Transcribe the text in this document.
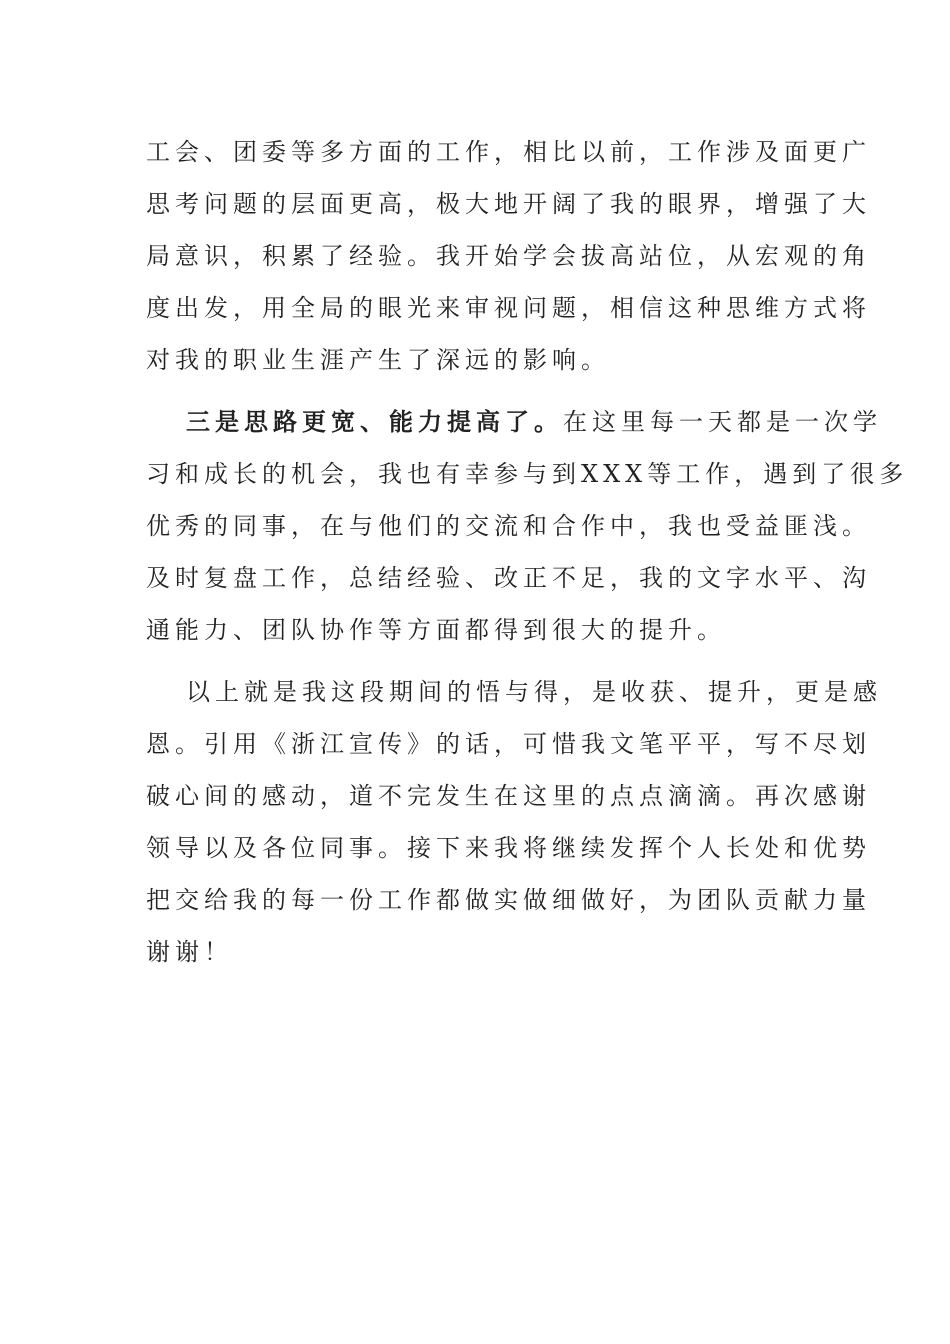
工会、团委等多方面的工作，相比以前，工作涉及面更广
思考问题的层面更高，极大地开阔了我的眼界，增强了大
局意识，积累了经验。我开始学会拔高站位，从宏观的角
度出发，用全局的眼光来审视问题，相信这种思维方式将
对我的职业生涯产生了深远的影响。
三是思路更宽、能力提高了。在这里每一天都是一次学
习和成长的机会，我也有幸参与到XXX等工作，遇到了很多
优秀的同事，在与他们的交流和合作中，我也受益匪浅。
及时复盘工作，总结经验、改正不足，我的文字水平、沟
通能力、团队协作等方面都得到很大的提升。
以上就是我这段期间的悟与得，是收获、提升，更是感
恩。引用《浙江宣传》的话，可惜我文笔平平，写不尽划
破心间的感动，道不完发生在这里的点点滴滴。再次感谢
领导以及各位同事。接下来我将继续发挥个人长处和优势
把交给我的每一份工作都做实做细做好，为团队贡献力量
谢谢！
